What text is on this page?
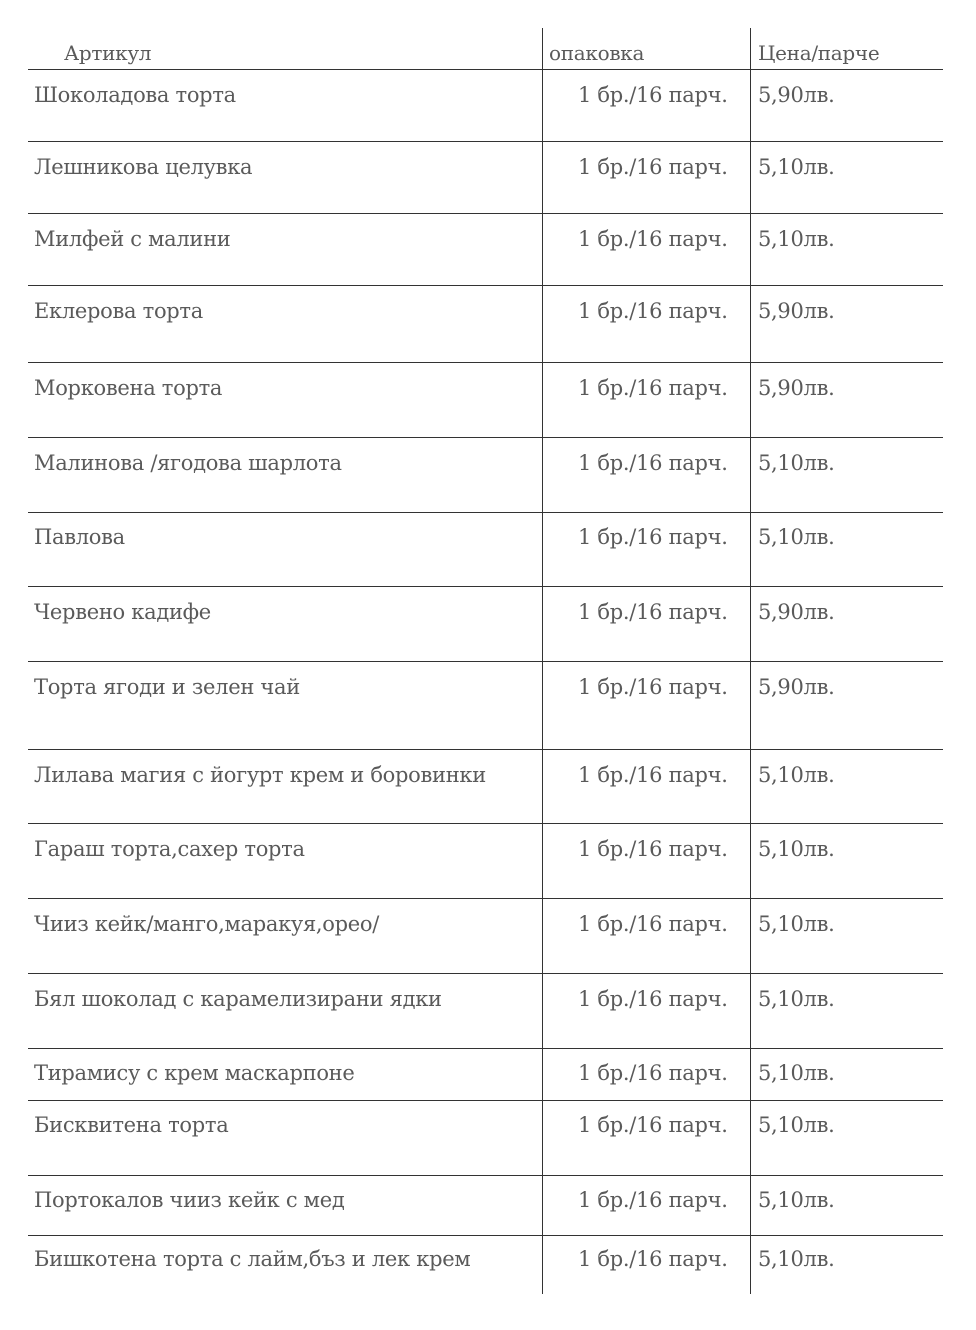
Артикул	опаковка	Цена/парче
Шоколадова торта	1 бр./16 парч. 5,90лв.
Лешникова целувка	1 бр./16 парч. 5,10лв.
Милфей с малини	1 бр./16 парч. 5,10лв.
Еклерова торта	1 бр./16 парч. 5,90лв.
Морковена торта	1 бр./16 парч. 5,90лв.
Малинова /ягодова шарлота	1 бр./16 парч. 5,10лв.
Павлова	1 бр./16 парч. 5,10лв.
Червено кадифе	1 бр./16 парч. 5,90лв.
Торта ягоди и зелен чай	1 бр./16 парч. 5,90лв.
Лилава магия с йогурт крем и боровинки	1 бр./16 парч. 5,10лв.
Гараш торта,сахер торта	1 бр./16 парч. 5,10лв.
Чииз кейк/манго,маракуя,орео/	1 бр./16 парч. 5,10лв.
Бял шоколад с карамелизирани ядки	1 бр./16 парч. 5,10лв.
Тирамису с крем маскарпоне	1 бр./16 парч. 5,10лв.
Бисквитена торта	1 бр./16 парч. 5,10лв.
Портокалов чииз кейк с мед	1 бр./16 парч. 5,10лв.
Бишкотена торта с лайм,бъз и лек крем	1 бр./16 парч. 5,10лв.
